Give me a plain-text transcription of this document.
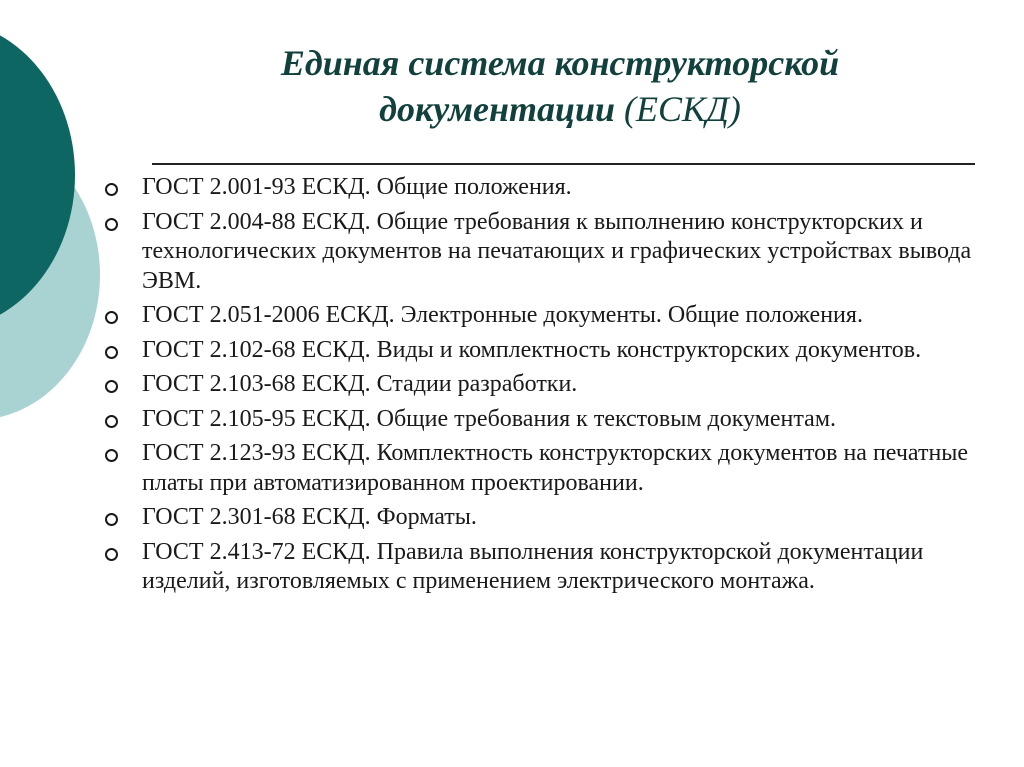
Единая система конструкторской
документации (ЕСКД)
ГОСТ 2.001-93 ЕСКД. Общие положения.
ГОСТ 2.004-88 ЕСКД. Общие требования к выполнению конструкторских и технологических документов на печатающих и графических устройствах вывода ЭВМ.
ГОСТ 2.051-2006 ЕСКД. Электронные документы. Общие положения.
ГОСТ 2.102-68 ЕСКД. Виды и комплектность конструкторских документов.
ГОСТ 2.103-68 ЕСКД. Стадии разработки.
ГОСТ 2.105-95 ЕСКД. Общие требования к текстовым документам.
ГОСТ 2.123-93 ЕСКД. Комплектность конструкторских документов на печатные платы при автоматизированном проектировании.
ГОСТ 2.301-68 ЕСКД. Форматы.
ГОСТ 2.413-72 ЕСКД. Правила выполнения конструкторской документации изделий, изготовляемых с применением электрического монтажа.
